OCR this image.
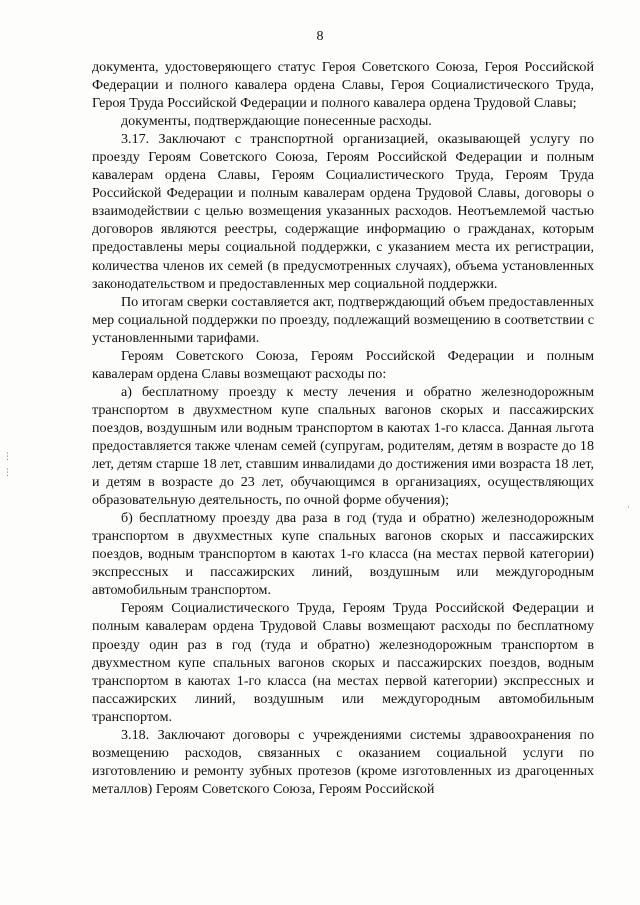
8

документа, удостоверяющего статус Героя Советского Союза, Героя Российской Федерации и полного кавалера ордена Славы, Героя Социалистического Труда, Героя Труда Российской Федерации и полного кавалера ордена Трудовой Славы;

документы, подтверждающие понесенные расходы.

3.17. Заключают с транспортной организацией, оказывающей услугу по проезду Героям Советского Союза, Героям Российской Федерации и полным кавалерам ордена Славы, Героям Социалистического Труда, Героям Труда Российской Федерации и полным кавалерам ордена Трудовой Славы, договоры о взаимодействии с целью возмещения указанных расходов. Неотъемлемой частью договоров являются реестры, содержащие информацию о гражданах, которым предоставлены меры социальной поддержки, с указанием места их регистрации, количества членов их семей (в предусмотренных случаях), объема установленных законодательством и предоставленных мер социальной поддержки.

По итогам сверки составляется акт, подтверждающий объем предоставленных мер социальной поддержки по проезду, подлежащий возмещению в соответствии с установленными тарифами.

Героям Советского Союза, Героям Российской Федерации и полным кавалерам ордена Славы возмещают расходы по:

а) бесплатному проезду к месту лечения и обратно железнодорожным транспортом в двухместном купе спальных вагонов скорых и пассажирских поездов, воздушным или водным транспортом в каютах 1-го класса. Данная льгота предоставляется также членам семей (супругам, родителям, детям в возрасте до 18 лет, детям старше 18 лет, ставшим инвалидами до достижения ими возраста 18 лет, и детям в возрасте до 23 лет, обучающимся в организациях, осуществляющих образовательную деятельность, по очной форме обучения);

б) бесплатному проезду два раза в год (туда и обратно) железнодорожным транспортом в двухместных купе спальных вагонов скорых и пассажирских поездов, водным транспортом в каютах 1-го класса (на местах первой категории) экспрессных и пассажирских линий, воздушным или междугородным автомобильным транспортом.

Героям Социалистического Труда, Героям Труда Российской Федерации и полным кавалерам ордена Трудовой Славы возмещают расходы по бесплатному проезду один раз в год (туда и обратно) железнодорожным транспортом в двухместном купе спальных вагонов скорых и пассажирских поездов, водным транспортом в каютах 1-го класса (на местах первой категории) экспрессных и пассажирских линий, воздушным или междугородным автомобильным транспортом.

3.18. Заключают договоры с учреждениями системы здравоохранения по возмещению расходов, связанных с оказанием социальной услуги по изготовлению и ремонту зубных протезов (кроме изготовленных из драгоценных металлов) Героям Советского Союза, Героям Российской

⋮
⋮
·
